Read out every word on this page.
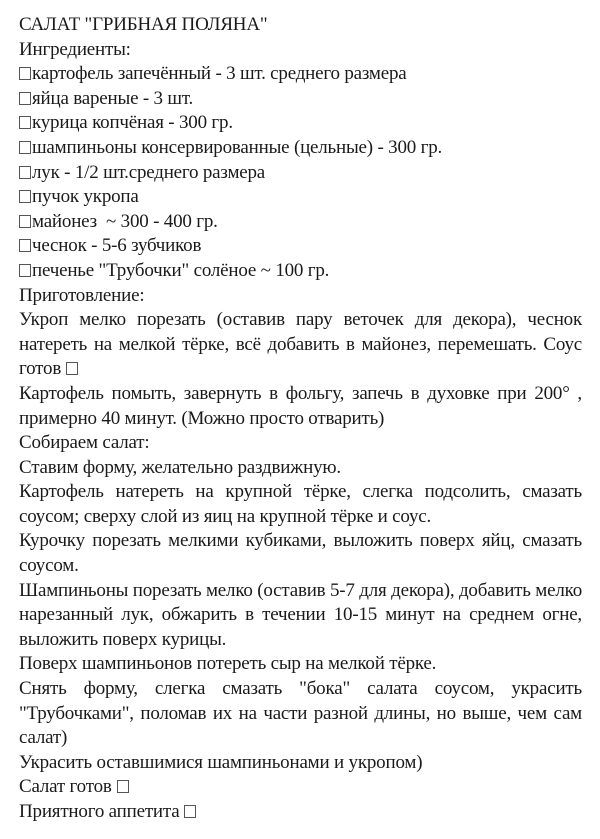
САЛАТ "ГРИБНАЯ ПОЛЯНА"
Ингредиенты:
картофель запечённый - 3 шт. среднего размера
яйца вареные - 3 шт.
курица копчёная - 300 гр.
шампиньоны консервированные (цельные) - 300 гр.
лук - 1/2 шт.среднего размера
пучок укропа
майонез  ~ 300 - 400 гр.
чеснок - 5-6 зубчиков
печенье "Трубочки" солёное ~ 100 гр.
Приготовление:
Укроп мелко порезать (оставив пару веточек для декора), чеснок натереть на мелкой тёрке, всё добавить в майонез, перемешать. Соус готов
Картофель помыть, завернуть в фольгу, запечь в духовке при 200° , примерно 40 минут. (Можно просто отварить)
Собираем салат:
Ставим форму, желательно раздвижную.
Картофель натереть на крупной тёрке, слегка подсолить, смазать соусом; сверху слой из яиц на крупной тёрке и соус.
Курочку порезать мелкими кубиками, выложить поверх яйц, смазать соусом.
Шампиньоны порезать мелко (оставив 5-7 для декора), добавить мелко нарезанный лук, обжарить в течении 10-15 минут на среднем огне, выложить поверх курицы.
Поверх шампиньонов потереть сыр на мелкой тёрке.
Снять форму, слегка смазать "бока" салата соусом, украсить "Трубочками", поломав их на части разной длины, но выше, чем сам салат)
Украсить оставшимися шампиньонами и укропом)
Салат готов
Приятного аппетита
